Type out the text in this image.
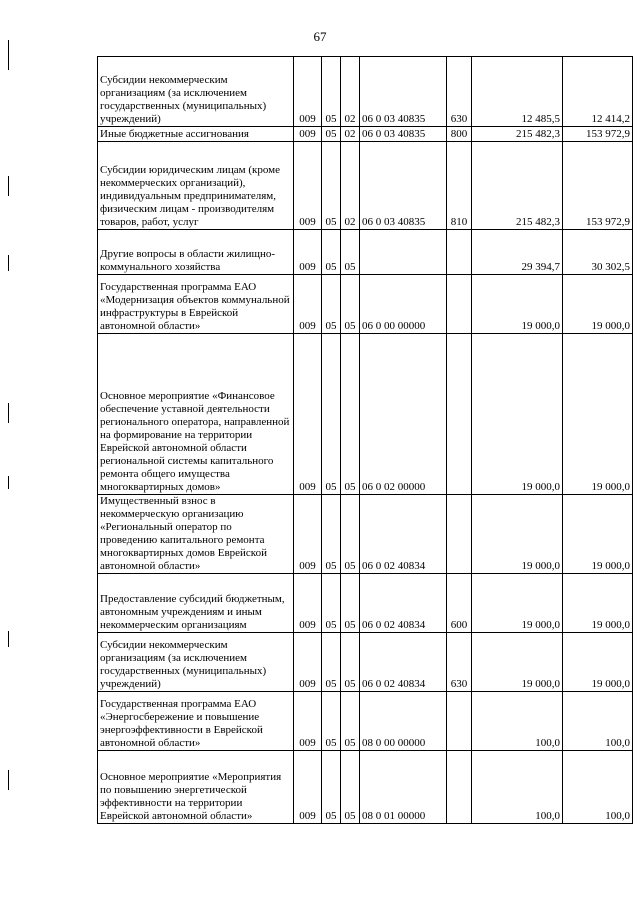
67
Субсидии некоммерческим организациям (за исключением государственных (муниципальных) учреждений)	009	05	02	06 0 03 40835	630	12 485,5	12 414,2

Иные бюджетные ассигнования	009	05	02	06 0 03 40835	800	215 482,3	153 972,9

Субсидии юридическим лицам (кроме некоммерческих организаций), индивидуальным предпринимателям, физическим лицам - производителям товаров, работ, услуг	009	05	02	06 0 03 40835	810	215 482,3	153 972,9

Другие вопросы в области жилищно-коммунального хозяйства	009	05	05			29 394,7	30 302,5

Государственная программа ЕАО «Модернизация объектов коммунальной инфраструктуры в Еврейской автономной области»	009	05	05	06 0 00 00000		19 000,0	19 000,0

Основное мероприятие «Финансовое обеспечение уставной деятельности регионального оператора, направленной на формирование на территории Еврейской автономной области региональной системы капитального ремонта общего имущества многоквартирных домов»	009	05	05	06 0 02 00000		19 000,0	19 000,0

Имущественный взнос в некоммерческую организацию «Региональный оператор по проведению капитального ремонта многоквартирных домов Еврейской автономной области»	009	05	05	06 0 02 40834		19 000,0	19 000,0

Предоставление субсидий бюджетным, автономным учреждениям и иным некоммерческим организациям	009	05	05	06 0 02 40834	600	19 000,0	19 000,0

Субсидии некоммерческим организациям (за исключением государственных (муниципальных) учреждений)	009	05	05	06 0 02 40834	630	19 000,0	19 000,0

Государственная программа ЕАО «Энергосбережение и повышение энергоэффективности в Еврейской автономной области»	009	05	05	08 0 00 00000		100,0	100,0

Основное мероприятие «Мероприятия по повышению энергетической эффективности на территории Еврейской автономной области»	009	05	05	08 0 01 00000		100,0	100,0
